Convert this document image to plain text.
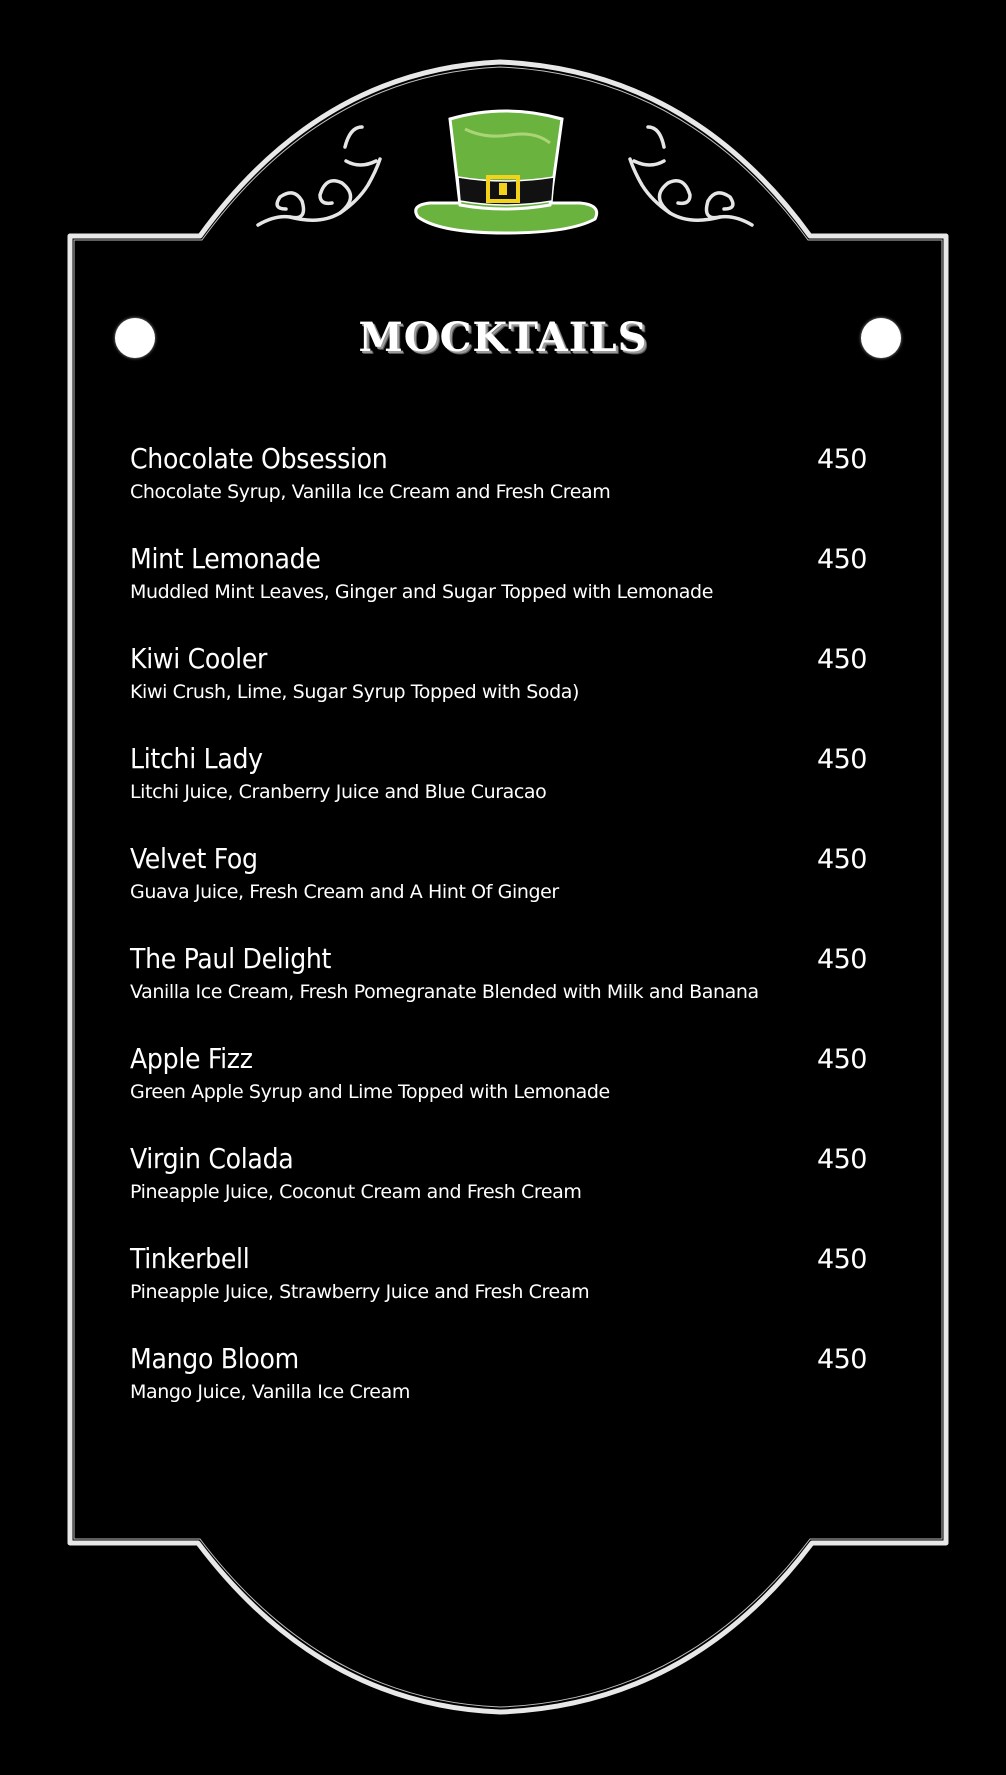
MOCKTAILS
Chocolate Obsession	450
Chocolate Syrup, Vanilla Ice Cream and Fresh Cream
Mint Lemonade	450
Muddled Mint Leaves, Ginger and Sugar Topped with Lemonade
Kiwi Cooler	450
Kiwi Crush, Lime, Sugar Syrup Topped with Soda)
Litchi Lady	450
Litchi Juice, Cranberry Juice and Blue Curacao
Velvet Fog	450
Guava Juice, Fresh Cream and A Hint Of Ginger
The Paul Delight	450
Vanilla Ice Cream, Fresh Pomegranate Blended with Milk and Banana
Apple Fizz	450
Green Apple Syrup and Lime Topped with Lemonade
Virgin Colada	450
Pineapple Juice, Coconut Cream and Fresh Cream
Tinkerbell	450
Pineapple Juice, Strawberry Juice and Fresh Cream
Mango Bloom	450
Mango Juice, Vanilla Ice Cream
